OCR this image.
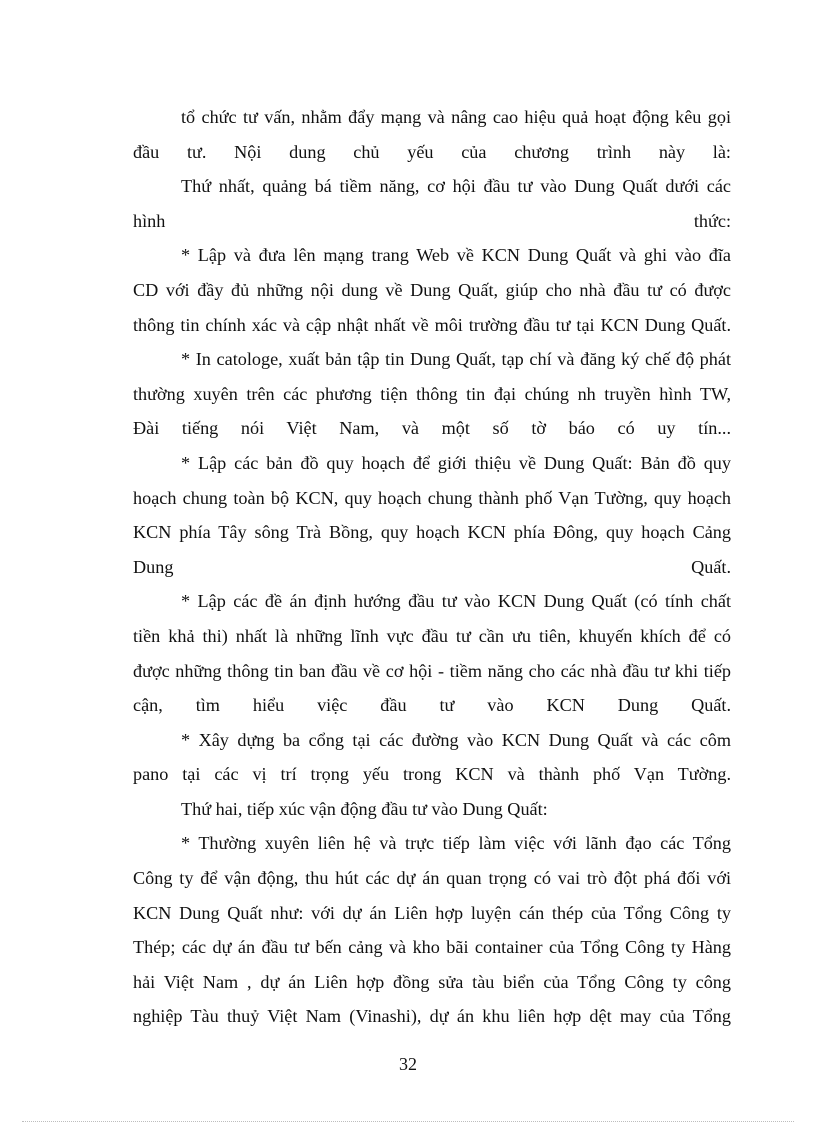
tổ chức tư vấn, nhằm đẩy mạng và nâng cao hiệu quả hoạt động kêu gọi
đầu tư. Nội dung chủ yếu của chương trình này là:

Thứ nhất, quảng bá tiềm năng, cơ hội đầu tư vào Dung Quất dưới các
hình thức:

* Lập và đưa lên mạng trang Web về KCN Dung Quất và ghi vào đĩa
CD với đầy đủ những nội dung về Dung Quất, giúp cho nhà đầu tư có được
thông tin chính xác và cập nhật nhất về môi trường đầu tư tại KCN Dung Quất.

* In catologe, xuất bản tập tin Dung Quất, tạp chí và đăng ký chế độ phát
thường xuyên trên các phương tiện thông tin đại chúng nh truyền hình TW,
Đài tiếng nói Việt Nam, và một số tờ báo có uy tín...

* Lập các bản đồ quy hoạch để giới thiệu về Dung Quất: Bản đồ quy
hoạch chung toàn bộ KCN, quy hoạch chung thành phố Vạn Tường, quy hoạch
KCN phía Tây sông Trà Bồng, quy hoạch KCN phía Đông, quy hoạch Cảng
Dung Quất.

* Lập các đề án định hướng đầu tư vào KCN Dung Quất (có tính chất
tiền khả thi) nhất là những lĩnh vực đầu tư cần ưu tiên, khuyến khích để có
được những thông tin ban đầu về cơ hội - tiềm năng cho các nhà đầu tư khi tiếp
cận, tìm hiểu việc đầu tư vào KCN Dung Quất.

* Xây dựng ba cổng tại các đường vào KCN Dung Quất và các côm
pano tại các vị trí trọng yếu trong KCN và thành phố Vạn Tường.

Thứ hai, tiếp xúc vận động đầu tư vào Dung Quất:

* Thường xuyên liên hệ và trực tiếp làm việc với lãnh đạo các Tổng
Công ty để vận động, thu hút các dự án quan trọng có vai trò đột phá đối với
KCN Dung Quất như: với dự án Liên hợp luyện cán thép của Tổng Công ty
Thép; các dự án đầu tư bến cảng và kho bãi container của Tổng Công ty Hàng
hải Việt Nam , dự án Liên hợp đồng sửa tàu biển của Tổng Công ty công
nghiệp Tàu thuỷ Việt Nam (Vinashi), dự án khu liên hợp dệt may của Tổng

32
